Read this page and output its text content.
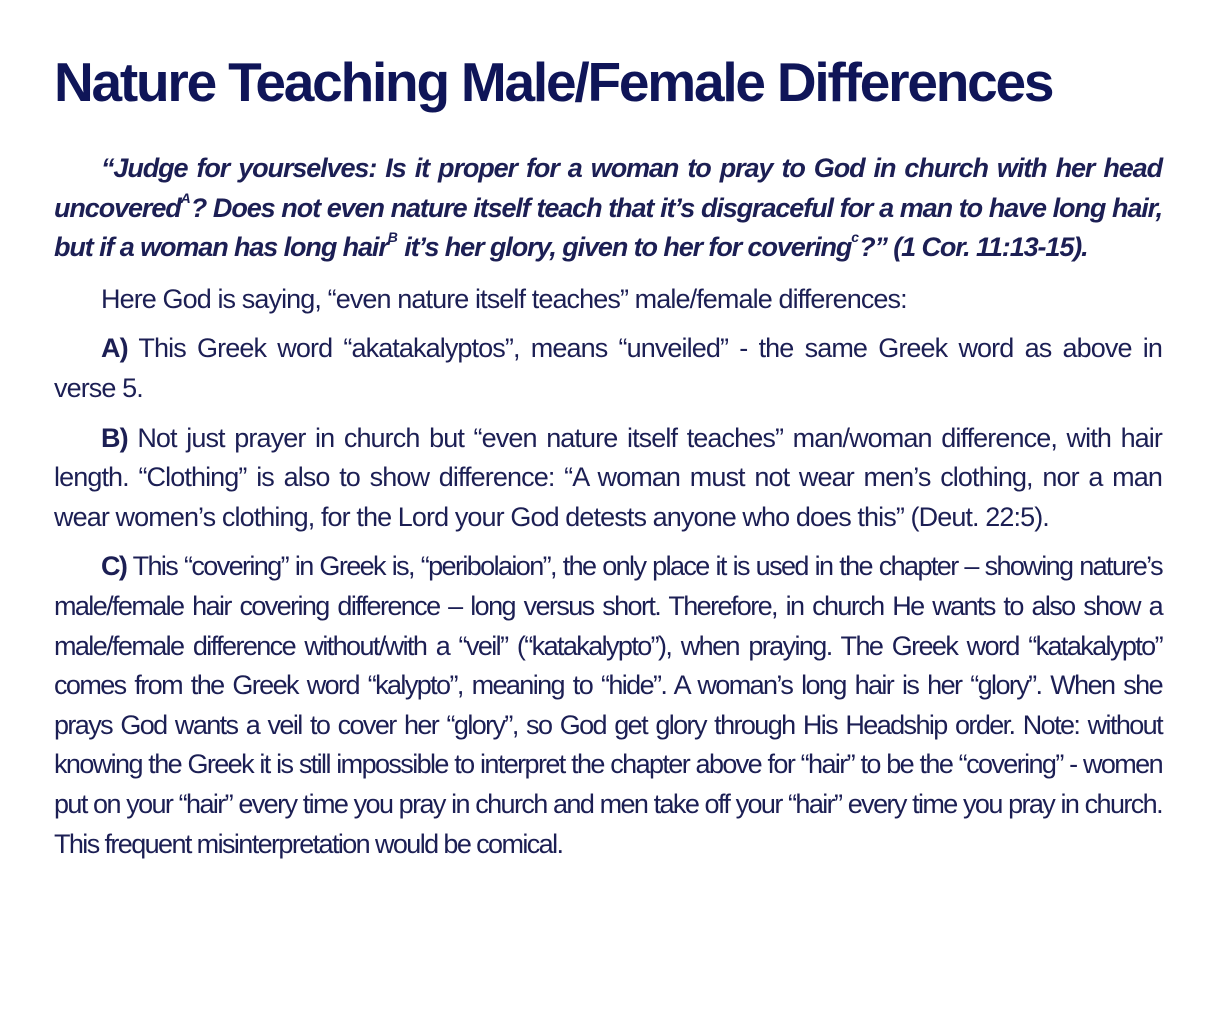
Nature Teaching Male/Female Differences

“Judge for yourselves: Is it proper for a woman to pray to God in church with her head uncovered$^A$? Does not even nature itself teach that it’s disgraceful for a man to have long hair, but if a woman has long hair$^B$ it’s her glory, given to her for covering$^c$?” (1 Cor. 11:13-15).

Here God is saying, “even nature itself teaches” male/female differences:

A) This Greek word “akatakalyptos”, means “unveiled” - the same Greek word as above in verse 5.

B) Not just prayer in church but “even nature itself teaches” man/woman difference, with hair length. “Clothing” is also to show difference: “A woman must not wear men’s clothing, nor a man wear women’s clothing, for the Lord your God detests anyone who does this” (Deut. 22:5).

C) This “covering” in Greek is, “peribolaion”, the only place it is used in the chapter – showing nature’s male/female hair covering difference – long versus short. Therefore, in church He wants to also show a male/female difference without/with a “veil” (“katakalypto”), when praying. The Greek word “katakalypto” comes from the Greek word “kalypto”, meaning to “hide”. A woman’s long hair is her “glory”. When she prays God wants a veil to cover her “glory”, so God get glory through His Headship order. Note: without knowing the Greek it is still impossible to interpret the chapter above for “hair” to be the “covering” - women put on your “hair” every time you pray in church and men take off your “hair” every time you pray in church. This frequent misinterpretation would be comical.
